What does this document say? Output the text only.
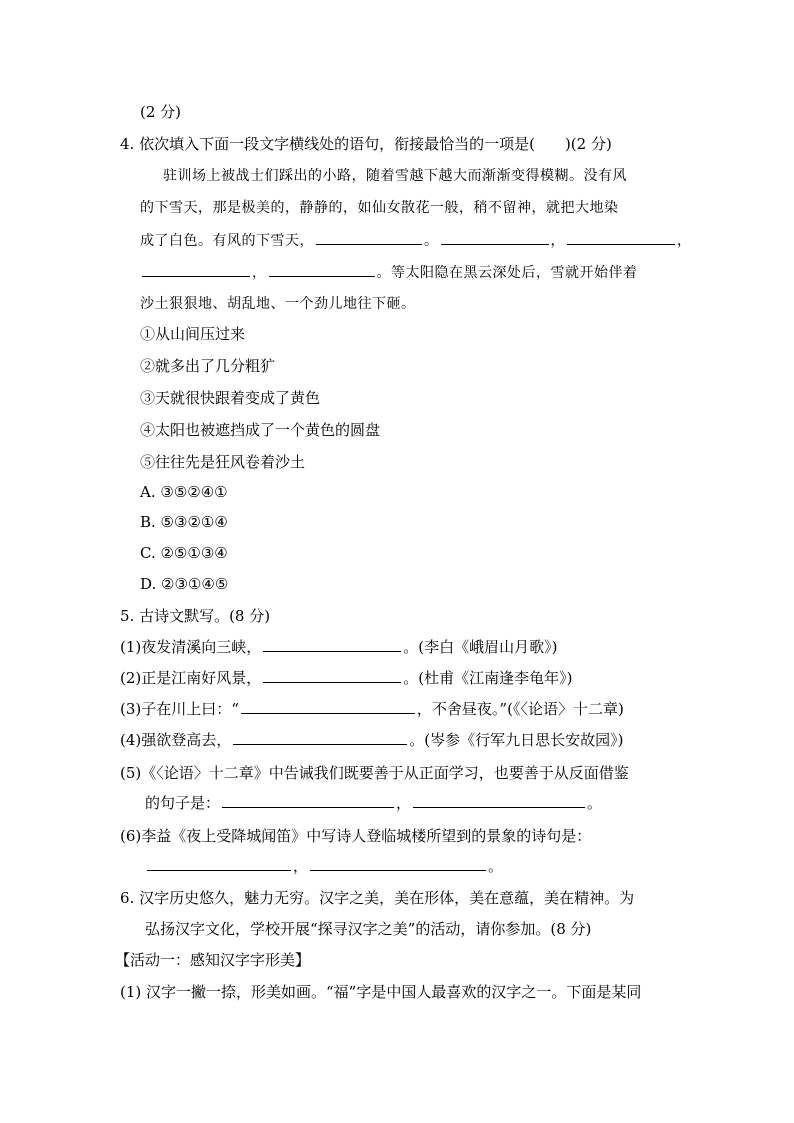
(2 分)
4. 依次填入下面一段文字横线处的语句，衔接最恰当的一项是( )(2 分)
驻训场上被战士们踩出的小路，随着雪越下越大而渐渐变得模糊。没有风
的下雪天，那是极美的，静静的，如仙女散花一般，稍不留神，就把大地染
成了白色。有风的下雪天，	。	，	，
，	。等太阳隐在黑云深处后，雪就开始伴着
沙土狠狠地、胡乱地、一个劲儿地往下砸。
①从山间压过来
②就多出了几分粗犷
③天就很快跟着变成了黄色
④太阳也被遮挡成了一个黄色的圆盘
⑤往往先是狂风卷着沙土
A. ③⑤②④①
B. ⑤③②①④
C. ②⑤①③④
D. ②③①④⑤
5. 古诗文默写。(8 分)
(1)夜发清溪向三峡，	。(李白《峨眉山月歌》)
(2)正是江南好风景，	。(杜甫《江南逢李龟年》)
(3)子在川上曰：“	，不舍昼夜。”(《〈论语〉十二章)
(4)强欲登高去，	。(岑参《行军九日思长安故园》)
(5)《〈论语〉十二章》中告诫我们既要善于从正面学习，也要善于从反面借鉴
的句子是：	，	。
(6)李益《夜上受降城闻笛》中写诗人登临城楼所望到的景象的诗句是：
，	。
6. 汉字历史悠久，魅力无穷。汉字之美，美在形体，美在意蕴，美在精神。为
弘扬汉字文化，学校开展“探寻汉字之美”的活动，请你参加。(8 分)
【活动一：感知汉字字形美】
(1) 汉字一撇一捺，形美如画。“福”字是中国人最喜欢的汉字之一。下面是某同
